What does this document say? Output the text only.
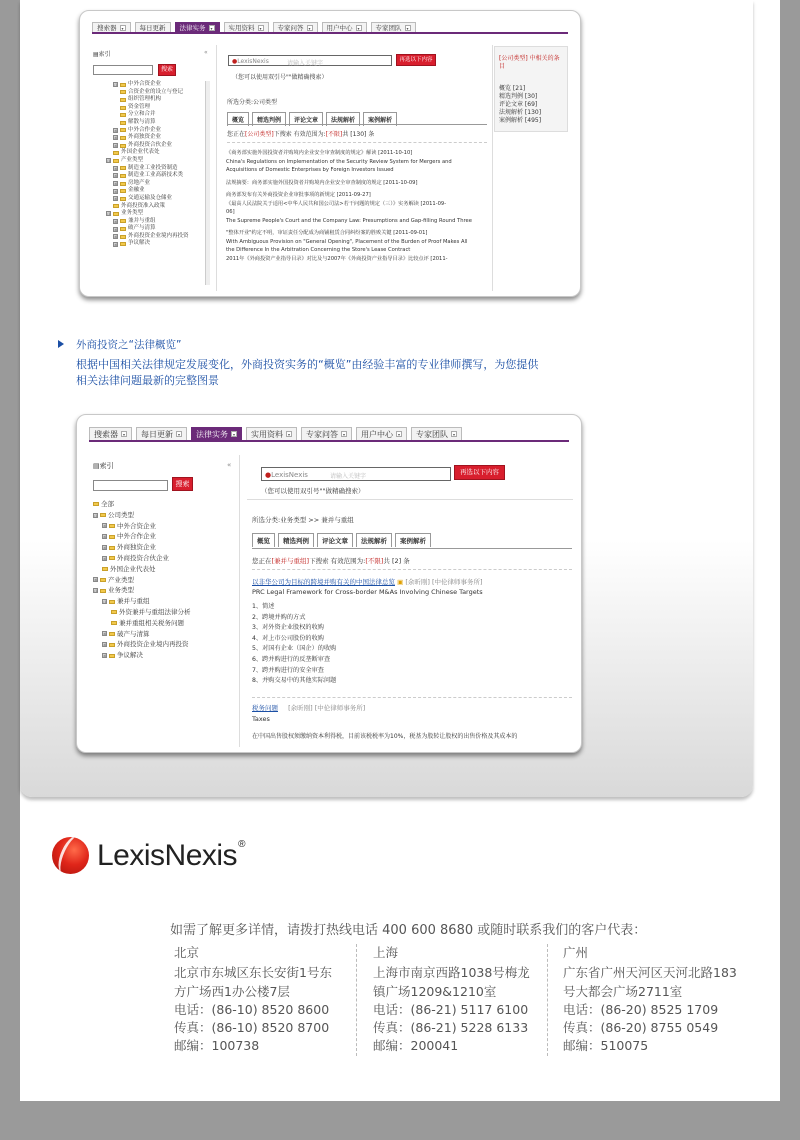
搜索器	▾	每日更新 法律实务	▾	实用资料	▾	专家问答	▾	用户中心	▾	专家团队	▾
▤索引	«
搜索
⊟ 中外合资企业
合资企业的设立与登记
组织管理机构
资金管理
分立和合并
解散与清算
⊞ 中外合作企业
⊞ 外商独资企业
⊞ 外商投资合伙企业
外国企业代表处
⊟ 产业类型
⊞ 制造业工业投资制造
⊞ 制造业工业高新技术类
⊞ 房地产业
⊞ 金融业
⊞ 交通运输及仓储业
外商投资准入政策
⊟ 业务类型
⊞ 兼并与重组
⊞ 破产与清算
⊞ 外商投资企业境内再投资
⊞ 争议解决
●LexisNexis	请输入关键字	再选以下内容
（您可以使用双引号""做精确搜索）
所选分类:公司类型
概览	精选判例	评论文章	法规解析	案例解析
您正在[公司类型]下搜索 有效范围为:[不限]共 [130] 条
《商务部实施外国投资者并购境内企业安全审查制度的规定》解读 [2011-10-10]
China's Regulations on Implementation of the Security Review System for Mergers and
Acquisitions of Domestic Enterprises by Foreign Investors Issued
法规摘要：商务部实施外国投资者并购境内企业安全审查制度的规定 [2011-10-09]
商务部发布有关外商投资企业审批事项的新规定 [2011-09-27]
《最高人民法院关于适用<中华人民共和国公司法>若干问题的规定（三）》实务解读 [2011-09-
06]
The Supreme People's Court and the Company Law: Presumptions and Gap-filling Round Three
"整体开业"约定不明，审证责任分配成为商铺租赁合同纠纷案的胜败关键 [2011-09-01]
With Ambiguous Provision on "General Opening", Placement of the Burden of Proof Makes All
the Difference In the Arbitration Concerning the Store's Lease Contract
2011年《外商投资产业指导目录》对比及与2007年《外商投资产业指导目录》比较点评 [2011-
[公司类型] 中相关的条目
概览 [21]
精选判例 [30]
评论文章 [69]
法规解析 [130]
案例解析 [495]
外商投资之“法律概览”
根据中国相关法律规定发展变化，外商投资实务的“概览”由经验丰富的专业律师撰写，为您提供相关法律问题最新的完整图景
搜索器	▾ 每日更新	▾ 法律实务	▾ 实用资料	▾ 专家问答	▾ 用户中心	▾ 专家团队	▾
▤索引	«
搜索
全部
⊟ 公司类型
⊞ 中外合资企业
⊞ 中外合作企业
⊞ 外商独资企业
⊞ 外商投资合伙企业
外国企业代表处
⊞ 产业类型
⊟ 业务类型
⊟ 兼并与重组
外资兼并与重组法律分析
兼并重组相关税务问题
⊞ 破产与清算
⊞ 外商投资企业境内再投资
⊞ 争议解决
●LexisNexis	请输入关键字
再选以下内容
（您可以使用双引号""做精确搜索）
所选分类:业务类型 >> 兼并与重组
概览	精选判例	评论文章	法规解析	案例解析
您正在[兼并与重组]下搜索 有效范围为:[不限]共 [2] 条
以非华公司为目标的跨境并购有关的中国法律总览 ▣ [余昕刚] [中伦律师事务所]
PRC Legal Framework for Cross-border M&As Involving Chinese Targets
1、简述
2、跨境并购的方式
3、对外资企业股权的收购
4、对上市公司股份的收购
5、对国有企业（国企）的收购
6、跨并购进行的反垄断审查
7、跨并购进行的安全审查
8、并购交易中的其他实际问题
税务问题 [余昕刚] [中伦律师事务所]
Taxes
在中国出售股权须缴纳资本利得税，目前该税税率为10%，税基为股转让股权的出售价格及其成本的
LexisNexis®
如需了解更多详情，请拨打热线电话 400 600 8680 或随时联系我们的客户代表：
北京
北京市东城区东长安街1号东方广场西1办公楼7层
电话：(86-10) 8520 8600
传真：(86-10) 8520 8700
邮编：100738
上海
上海市南京西路1038号梅龙镇广场1209&1210室
电话：(86-21) 5117 6100
传真：(86-21) 5228 6133
邮编：200041
广州
广东省广州天河区天河北路183号大都会广场2711室
电话：(86-20) 8525 1709
传真：(86-20) 8755 0549
邮编：510075
